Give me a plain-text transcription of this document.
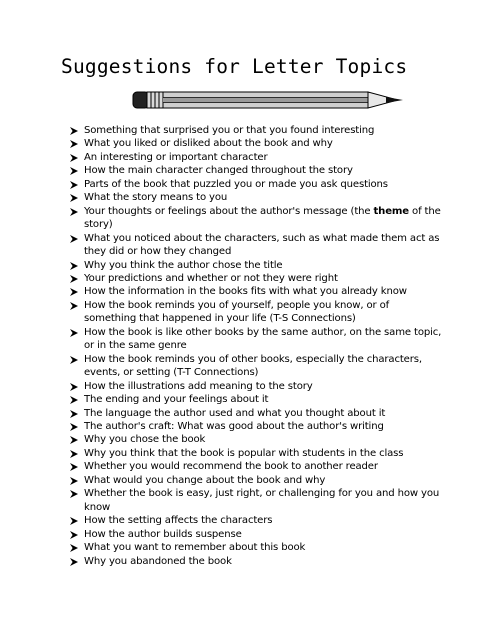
Suggestions for Letter Topics
Something that surprised you or that you found interesting
What you liked or disliked about the book and why
An interesting or important character
How the main character changed throughout the story
Parts of the book that puzzled you or made you ask questions
What the story means to you
Your thoughts or feelings about the author's message (the theme of the story)
What you noticed about the characters, such as what made them act as they did or how they changed
Why you think the author chose the title
Your predictions and whether or not they were right
How the information in the books fits with what you already know
How the book reminds you of yourself, people you know, or of something that happened in your life (T-S Connections)
How the book is like other books by the same author, on the same topic, or in the same genre
How the book reminds you of other books, especially the characters, events, or setting (T-T Connections)
How the illustrations add meaning to the story
The ending and your feelings about it
The language the author used and what you thought about it
The author's craft: What was good about the author's writing
Why you chose the book
Why you think that the book is popular with students in the class
Whether you would recommend the book to another reader
What would you change about the book and why
Whether the book is easy, just right, or challenging for you and how you know
How the setting affects the characters
How the author builds suspense
What you want to remember about this book
Why you abandoned the book
